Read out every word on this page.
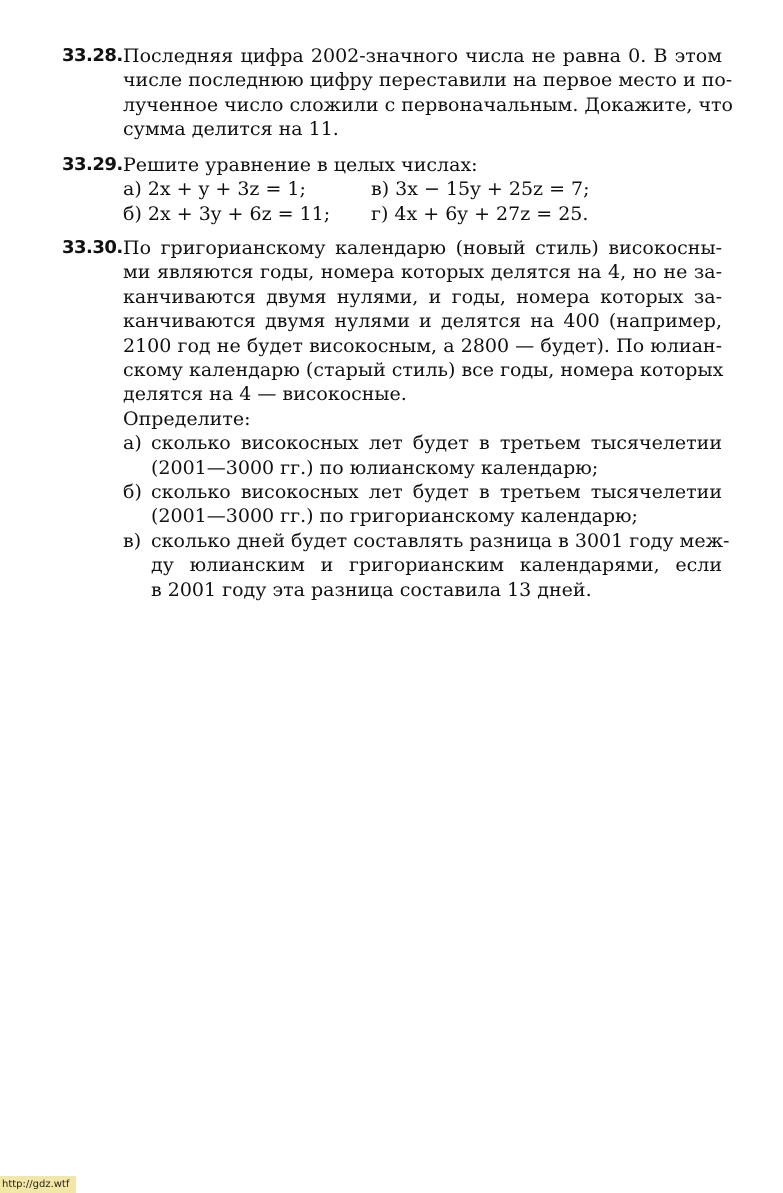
33.28. Последняя цифра 2002-значного числа не равна 0. В этом
числе последнюю цифру переставили на первое место и по-
лученное число сложили с первоначальным. Докажите, что
сумма делится на 11.
33.29. Решите уравнение в целых числах:
а) 2x + y + 3z = 1;	в) 3x − 15y + 25z = 7;
б) 2x + 3y + 6z = 11;	г) 4x + 6y + 27z = 25.
33.30. По григорианскому календарю (новый стиль) високосны-
ми являются годы, номера которых делятся на 4, но не за-
канчиваются двумя нулями, и годы, номера которых за-
канчиваются двумя нулями и делятся на 400 (например,
2100 год не будет високосным, а 2800 — будет). По юлиан-
скому календарю (старый стиль) все годы, номера которых
делятся на 4 — високосные.
Определите:
а) сколько високосных лет будет в третьем тысячелетии
(2001—3000 гг.) по юлианскому календарю;
б) сколько високосных лет будет в третьем тысячелетии
(2001—3000 гг.) по григорианскому календарю;
в) сколько дней будет составлять разница в 3001 году меж-
ду юлианским и григорианским календарями, если
в 2001 году эта разница составила 13 дней.
http://gdz.wtf
